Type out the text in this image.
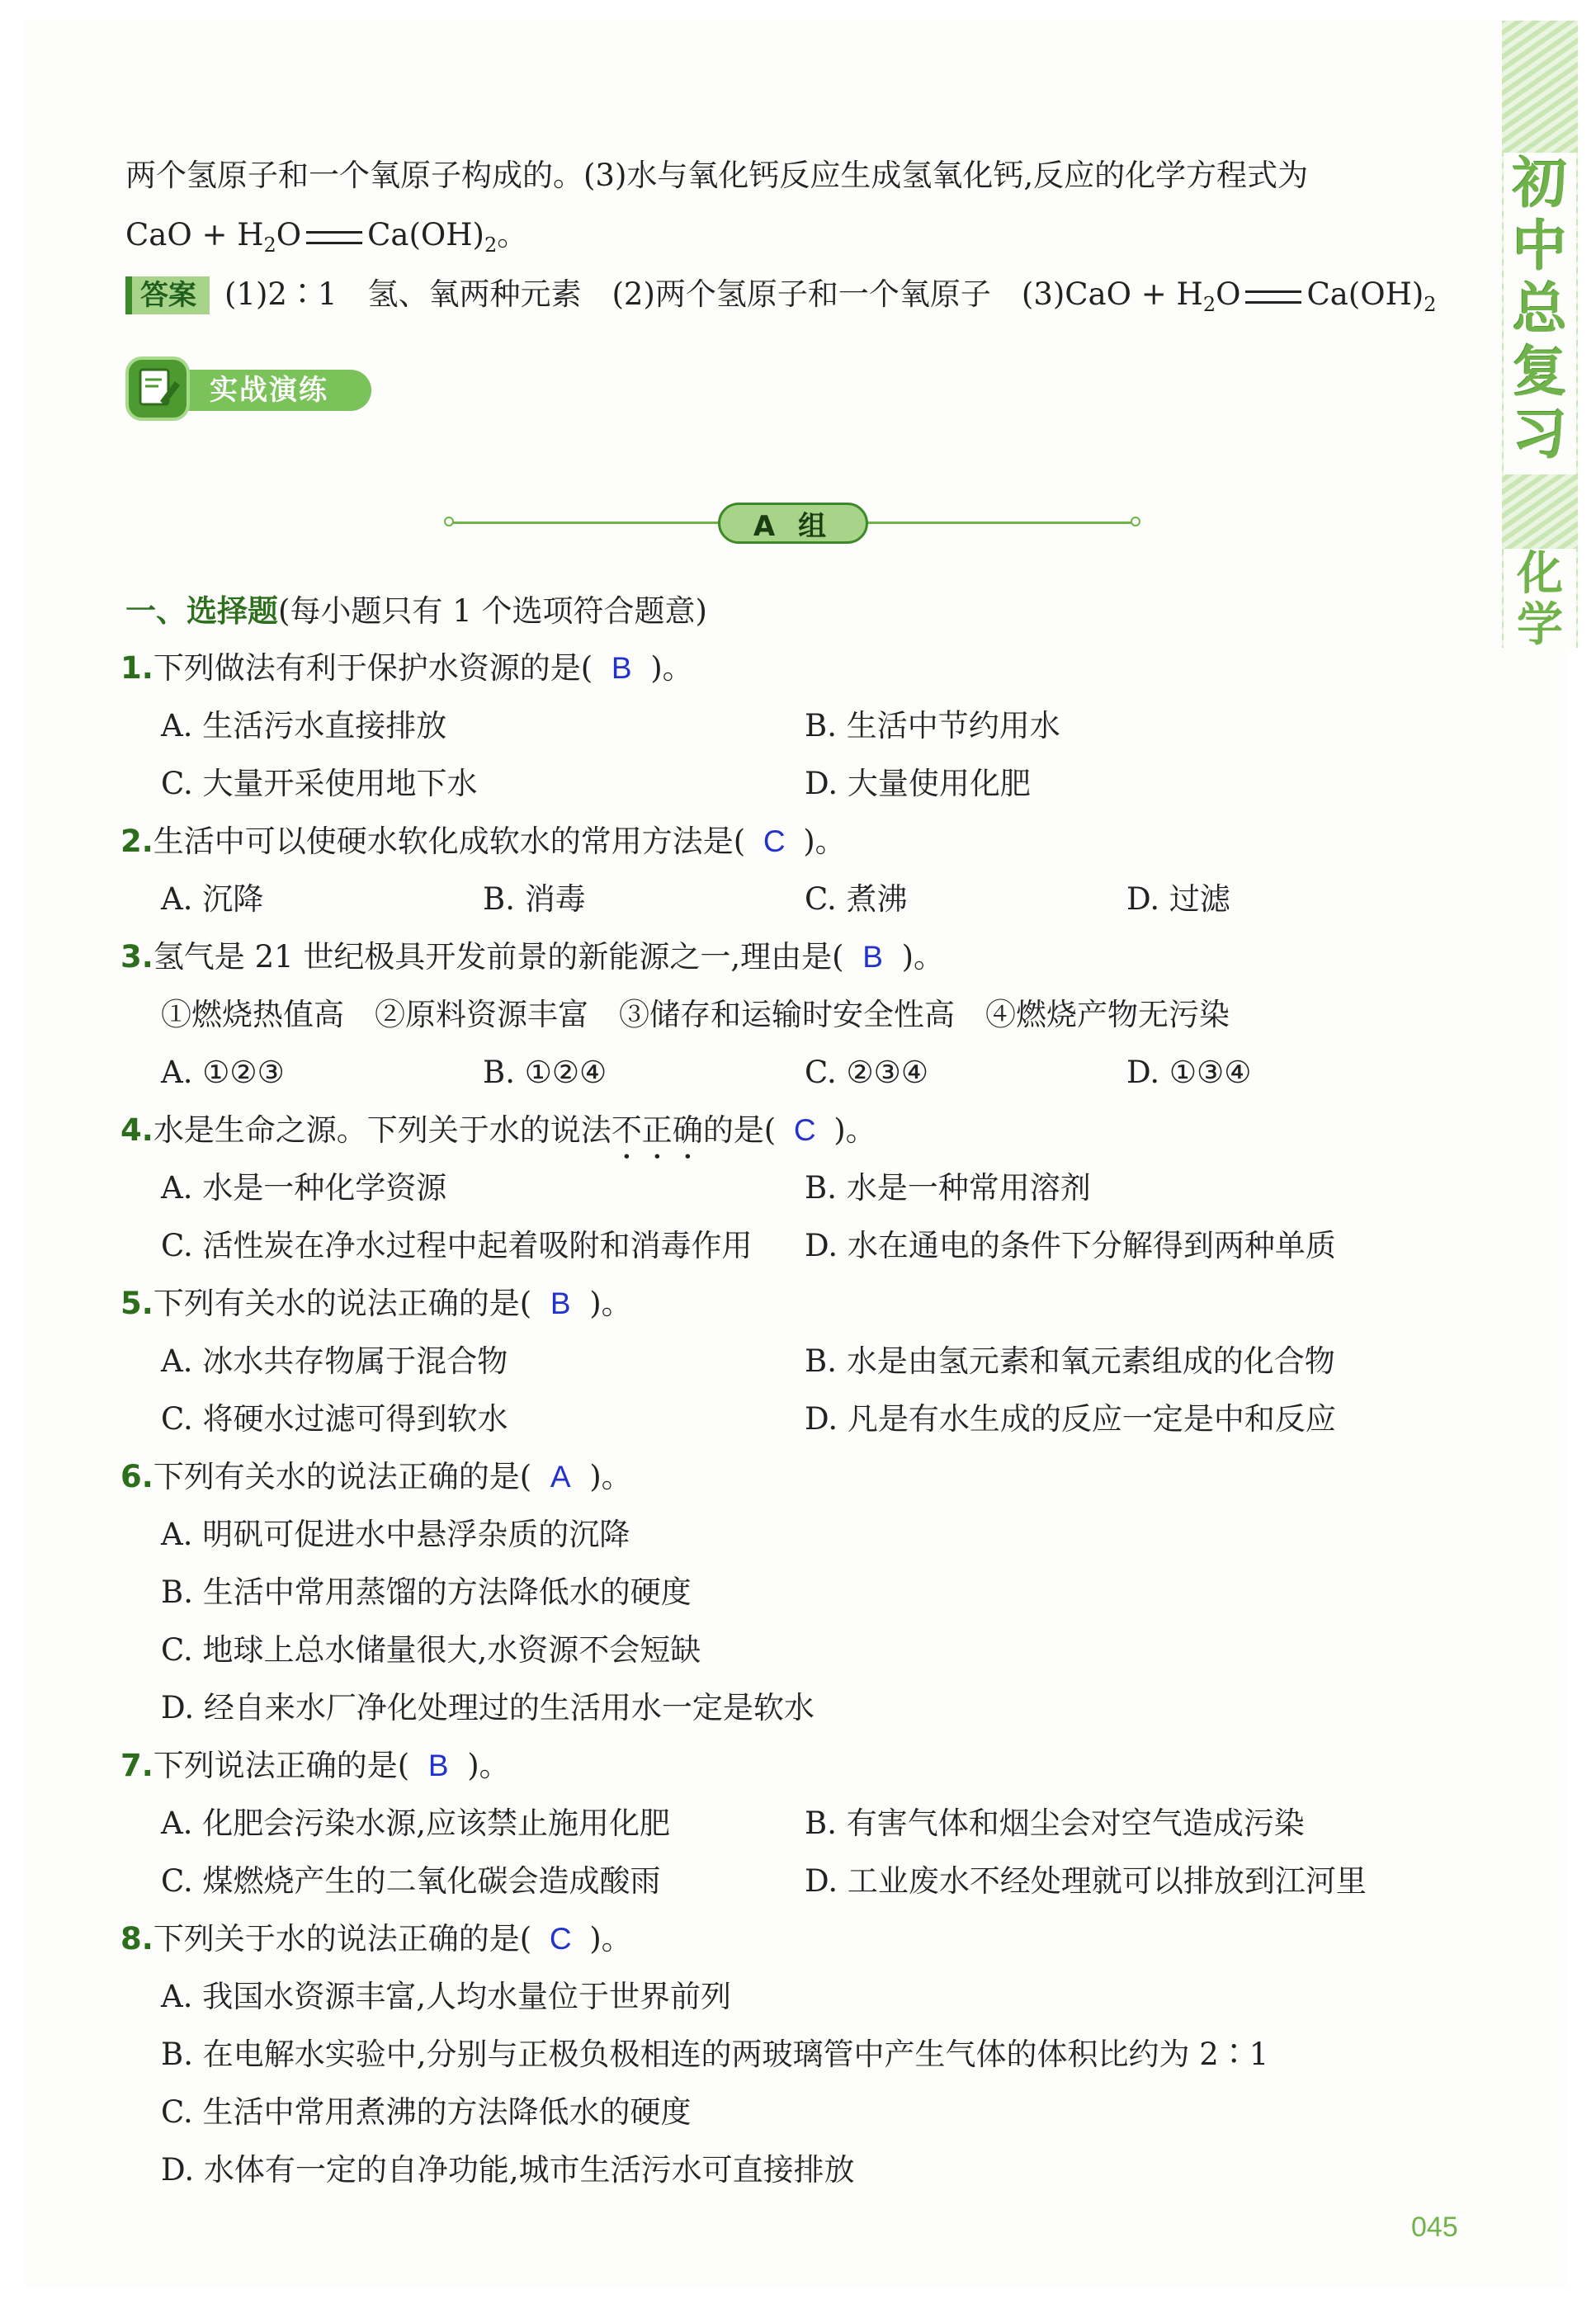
初
中
总
复
习
化
学
两个氢原子和一个氧原子构成的。(3)水与氧化钙反应生成氢氧化钙,反应的化学方程式为
CaO + $H_2O$ $Ca(OH)_2$。
答案 (1)2∶1　氢、氧两种元素　(2)两个氢原子和一个氧原子　$(3)CaO + H_2O$ $Ca(OH)_2$
实战演练
A 组
一、选择题(每小题只有 1 个选项符合题意)
1.下列做法有利于保护水资源的是( B )。
A. 生活污水直接排放	B. 生活中节约用水
C. 大量开采使用地下水	D. 大量使用化肥
2.生活中可以使硬水软化成软水的常用方法是( C )。
A. 沉降	B. 消毒	C. 煮沸	D. 过滤
3.氢气是 21 世纪极具开发前景的新能源之一,理由是( B )。
①燃烧热值高　②原料资源丰富　③储存和运输时安全性高　④燃烧产物无污染
A. ①②③	B. ①②④	C. ②③④	D. ①③④
4.水是生命之源。下列关于水的说法不正确的是( C )。
A. 水是一种化学资源	B. 水是一种常用溶剂
C. 活性炭在净水过程中起着吸附和消毒作用 D. 水在通电的条件下分解得到两种单质
5.下列有关水的说法正确的是( B )。
A. 冰水共存物属于混合物	B. 水是由氢元素和氧元素组成的化合物
C. 将硬水过滤可得到软水	D. 凡是有水生成的反应一定是中和反应
6.下列有关水的说法正确的是( A )。
A. 明矾可促进水中悬浮杂质的沉降
B. 生活中常用蒸馏的方法降低水的硬度
C. 地球上总水储量很大,水资源不会短缺
D. 经自来水厂净化处理过的生活用水一定是软水
7.下列说法正确的是( B )。
A. 化肥会污染水源,应该禁止施用化肥	B. 有害气体和烟尘会对空气造成污染
C. 煤燃烧产生的二氧化碳会造成酸雨	D. 工业废水不经处理就可以排放到江河里
8.下列关于水的说法正确的是( C )。
A. 我国水资源丰富,人均水量位于世界前列
B. 在电解水实验中,分别与正极负极相连的两玻璃管中产生气体的体积比约为 2∶1
C. 生活中常用煮沸的方法降低水的硬度
D. 水体有一定的自净功能,城市生活污水可直接排放
045
